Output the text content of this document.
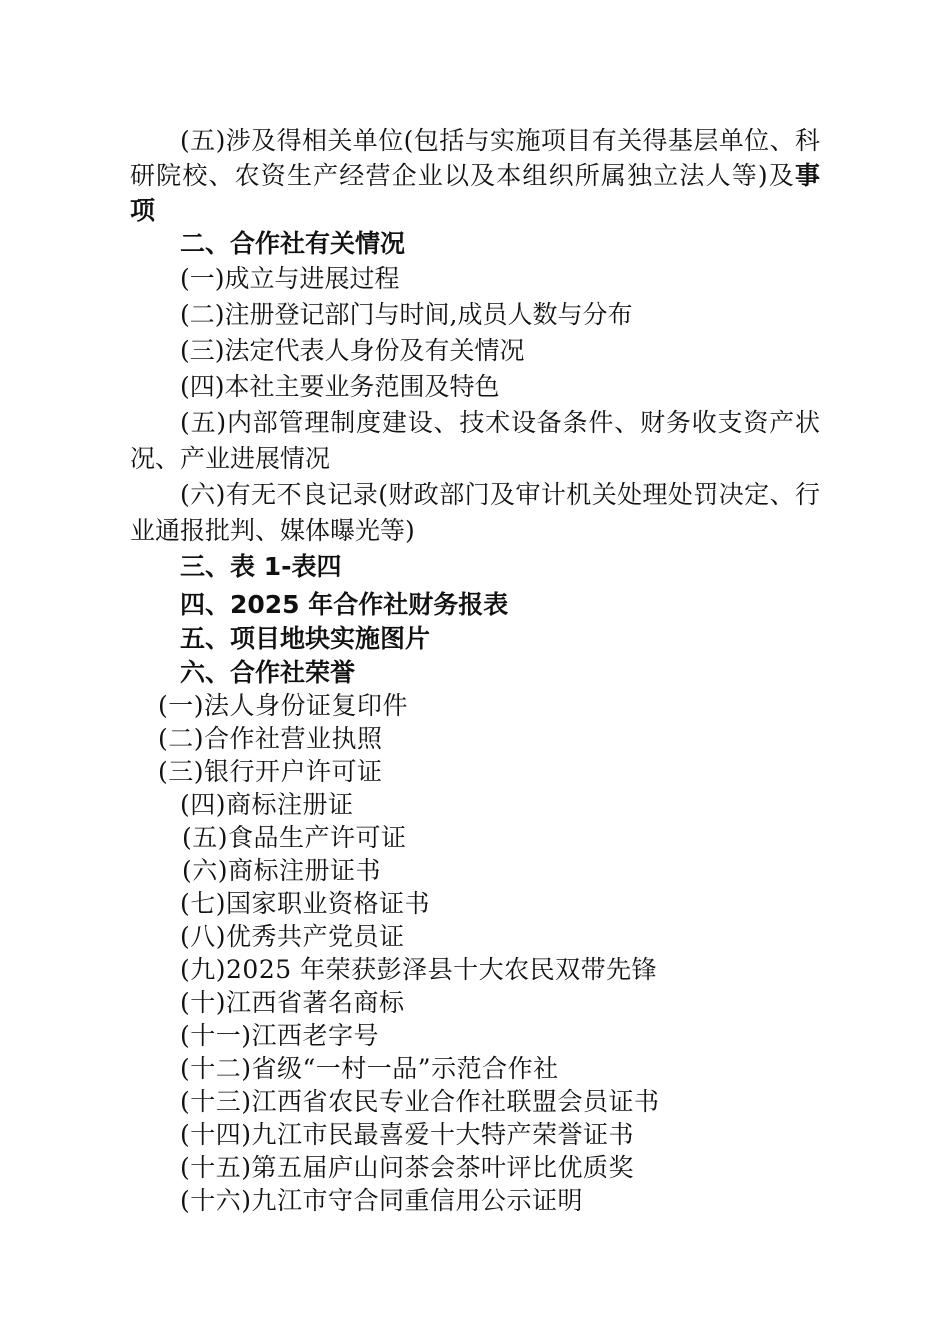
(五)涉及得相关单位(包括与实施项目有关得基层单位、科
研院校、农资生产经营企业以及本组织所属独立法人等)及事
项
二、合作社有关情况
(一)成立与进展过程
(二)注册登记部门与时间,成员人数与分布
(三)法定代表人身份及有关情况
(四)本社主要业务范围及特色
(五)内部管理制度建设、技术设备条件、财务收支资产状
况、产业进展情况
(六)有无不良记录(财政部门及审计机关处理处罚决定、行
业通报批判、媒体曝光等)
三、表 1-表四
四、2025 年合作社财务报表
五、项目地块实施图片
六、合作社荣誉
(一)法人身份证复印件
(二)合作社营业执照
(三)银行开户许可证
(四)商标注册证
(五)食品生产许可证
(六)商标注册证书
(七)国家职业资格证书
(八)优秀共产党员证
(九)2025 年荣获彭泽县十大农民双带先锋
(十)江西省著名商标
(十一)江西老字号
(十二)省级“一村一品”示范合作社
(十三)江西省农民专业合作社联盟会员证书
(十四)九江市民最喜爱十大特产荣誉证书
(十五)第五届庐山问茶会茶叶评比优质奖
(十六)九江市守合同重信用公示证明
